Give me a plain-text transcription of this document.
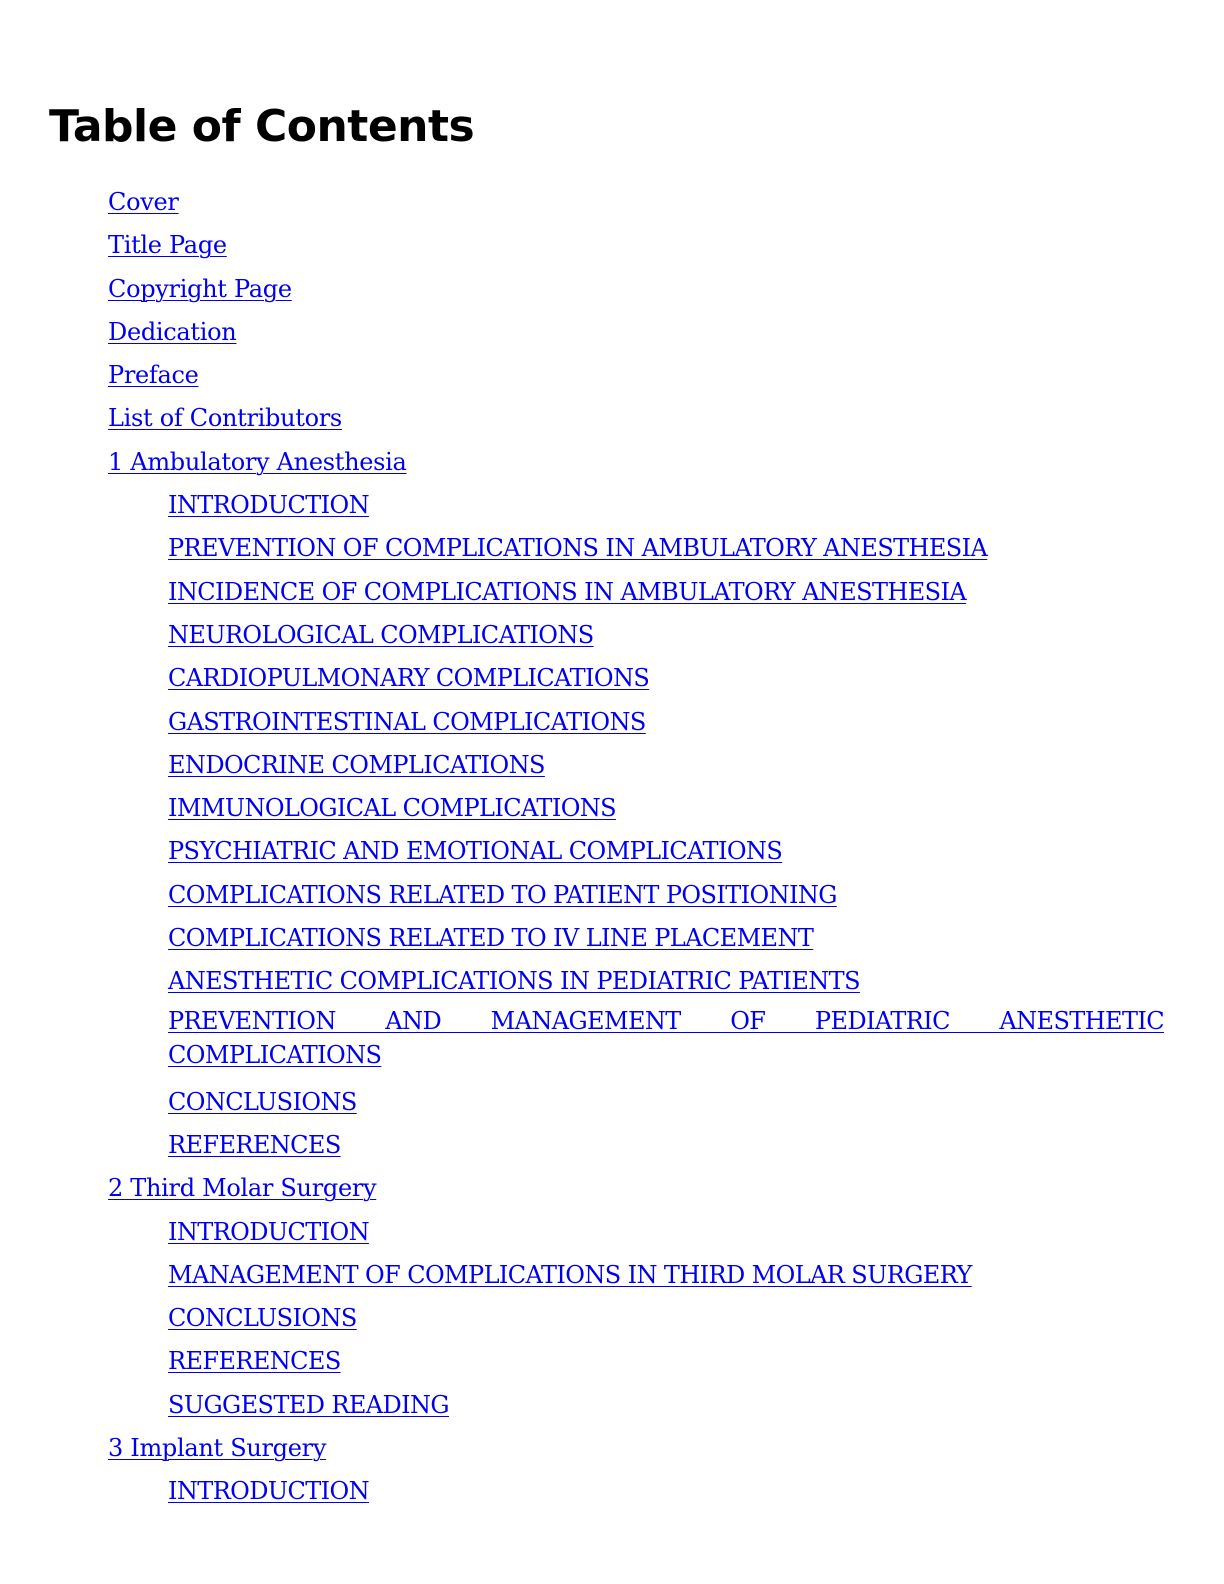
Table of Contents
Cover
Title Page
Copyright Page
Dedication
Preface
List of Contributors
1 Ambulatory Anesthesia
INTRODUCTION
PREVENTION OF COMPLICATIONS IN AMBULATORY ANESTHESIA
INCIDENCE OF COMPLICATIONS IN AMBULATORY ANESTHESIA
NEUROLOGICAL COMPLICATIONS
CARDIOPULMONARY COMPLICATIONS
GASTROINTESTINAL COMPLICATIONS
ENDOCRINE COMPLICATIONS
IMMUNOLOGICAL COMPLICATIONS
PSYCHIATRIC AND EMOTIONAL COMPLICATIONS
COMPLICATIONS RELATED TO PATIENT POSITIONING
COMPLICATIONS RELATED TO IV LINE PLACEMENT
ANESTHETIC COMPLICATIONS IN PEDIATRIC PATIENTS
PREVENTION AND MANAGEMENT OF PEDIATRIC ANESTHETIC COMPLICATIONS
CONCLUSIONS
REFERENCES
2 Third Molar Surgery
INTRODUCTION
MANAGEMENT OF COMPLICATIONS IN THIRD MOLAR SURGERY
CONCLUSIONS
REFERENCES
SUGGESTED READING
3 Implant Surgery
INTRODUCTION
